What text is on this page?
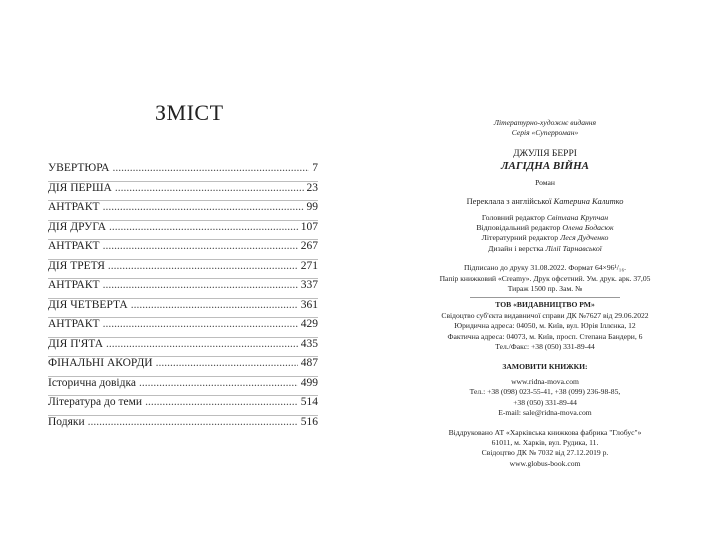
ЗМІСТ
УВЕРТЮРА .....	7
ДІЯ ПЕРША .....	23
АНТРАКТ .....	99
ДІЯ ДРУГА .....	107
АНТРАКТ .....	267
ДІЯ ТРЕТЯ .....	271
АНТРАКТ .....	337
ДІЯ ЧЕТВЕРТА .....	361
АНТРАКТ .....	429
ДІЯ П'ЯТА .....	435
ФІНАЛЬНІ АКОРДИ .....	487
Історична довідка .....	499
Література до теми .....	514
Подяки .....	516
Літературно-художнє видання
Серія «Суперроман»
ДЖУЛІЯ БЕРРІ
ЛАГІДНА ВІЙНА
Роман
Переклала з англійської Катерина Калитко
Головний редактор Світлана Крупчан
Відповідальний редактор Олена Бодасюк
Літературний редактор Леся Дудченко
Дизайн і верстка Лілії Тарнавської
Підписано до друку 31.08.2022. Формат 64×96¹/₁₆.
Папір книжковий «Creamy». Друк офсетний. Ум. друк. арк. 37,05
Тираж 1500 пр. Зам. №
ТОВ «ВИДАВНИЦТВО РМ»
Свідоцтво суб'єкта видавничої справи ДК №7627 від 29.06.2022
Юридична адреса: 04050, м. Київ, вул. Юрія Іллєнка, 12
Фактична адреса: 04073, м. Київ, просп. Степана Бандери, 6
Тел./Факс: +38 (050) 331-89-44
ЗАМОВИТИ КНИЖКИ:
www.ridna-mova.com
Тел.: +38 (098) 023-55-41, +38 (099) 236-98-85,
+38 (050) 331-89-44
E-mail: sale@ridna-mova.com
Віддруковано АТ «Харківська книжкова фабрика "Глобус"»
61011, м. Харків, вул. Рудика, 11.
Свідоцтво ДК № 7032 від 27.12.2019 р.
www.globus-book.com
